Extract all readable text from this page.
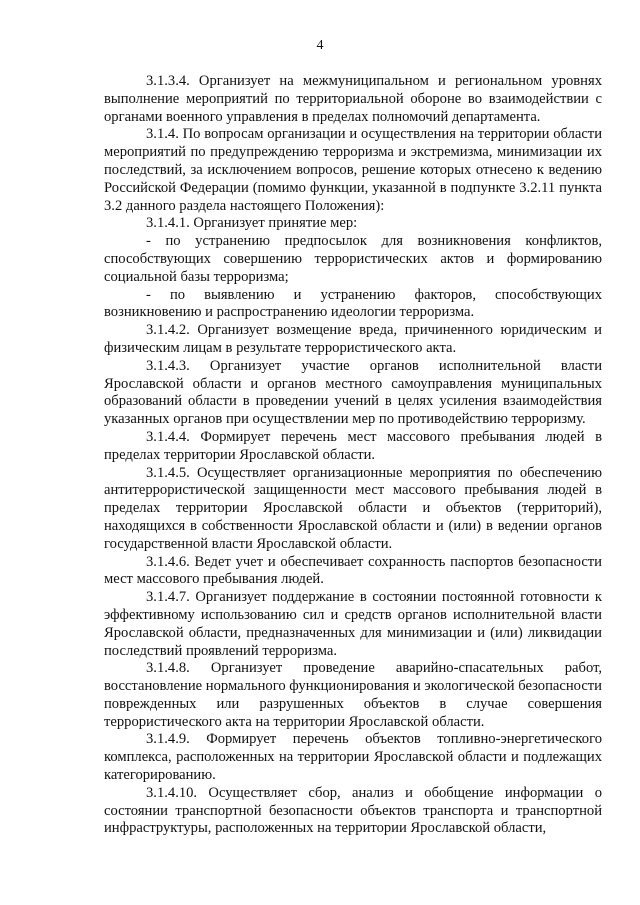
4

3.1.3.4. Организует на межмуниципальном и региональном уровнях выполнение мероприятий по территориальной обороне во взаимодействии с органами военного управления в пределах полномочий департамента.

3.1.4. По вопросам организации и осуществления на территории области мероприятий по предупреждению терроризма и экстремизма, минимизации их последствий, за исключением вопросов, решение которых отнесено к ведению Российской Федерации (помимо функции, указанной в подпункте 3.2.11 пункта 3.2 данного раздела настоящего Положения):

3.1.4.1. Организует принятие мер:

- по устранению предпосылок для возникновения конфликтов, способствующих совершению террористических актов и формированию социальной базы терроризма;

- по выявлению и устранению факторов, способствующих возникновению и распространению идеологии терроризма.

3.1.4.2. Организует возмещение вреда, причиненного юридическим и физическим лицам в результате террористического акта.

3.1.4.3. Организует участие органов исполнительной власти Ярославской области и органов местного самоуправления муниципальных образований области в проведении учений в целях усиления взаимодействия указанных органов при осуществлении мер по противодействию терроризму.

3.1.4.4. Формирует перечень мест массового пребывания людей в пределах территории Ярославской области.

3.1.4.5. Осуществляет организационные мероприятия по обеспечению антитеррористической защищенности мест массового пребывания людей в пределах территории Ярославской области и объектов (территорий), находящихся в собственности Ярославской области и (или) в ведении органов государственной власти Ярославской области.

3.1.4.6. Ведет учет и обеспечивает сохранность паспортов безопасности мест массового пребывания людей.

3.1.4.7. Организует поддержание в состоянии постоянной готовности к эффективному использованию сил и средств органов исполнительной власти Ярославской области, предназначенных для минимизации и (или) ликвидации последствий проявлений терроризма.

3.1.4.8. Организует проведение аварийно-спасательных работ, восстановление нормального функционирования и экологической безопасности поврежденных или разрушенных объектов в случае совершения террористического акта на территории Ярославской области.

3.1.4.9. Формирует перечень объектов топливно-энергетического комплекса, расположенных на территории Ярославской области и подлежащих категорированию.

3.1.4.10. Осуществляет сбор, анализ и обобщение информации о состоянии транспортной безопасности объектов транспорта и транспортной инфраструктуры, расположенных на территории Ярославской области,
